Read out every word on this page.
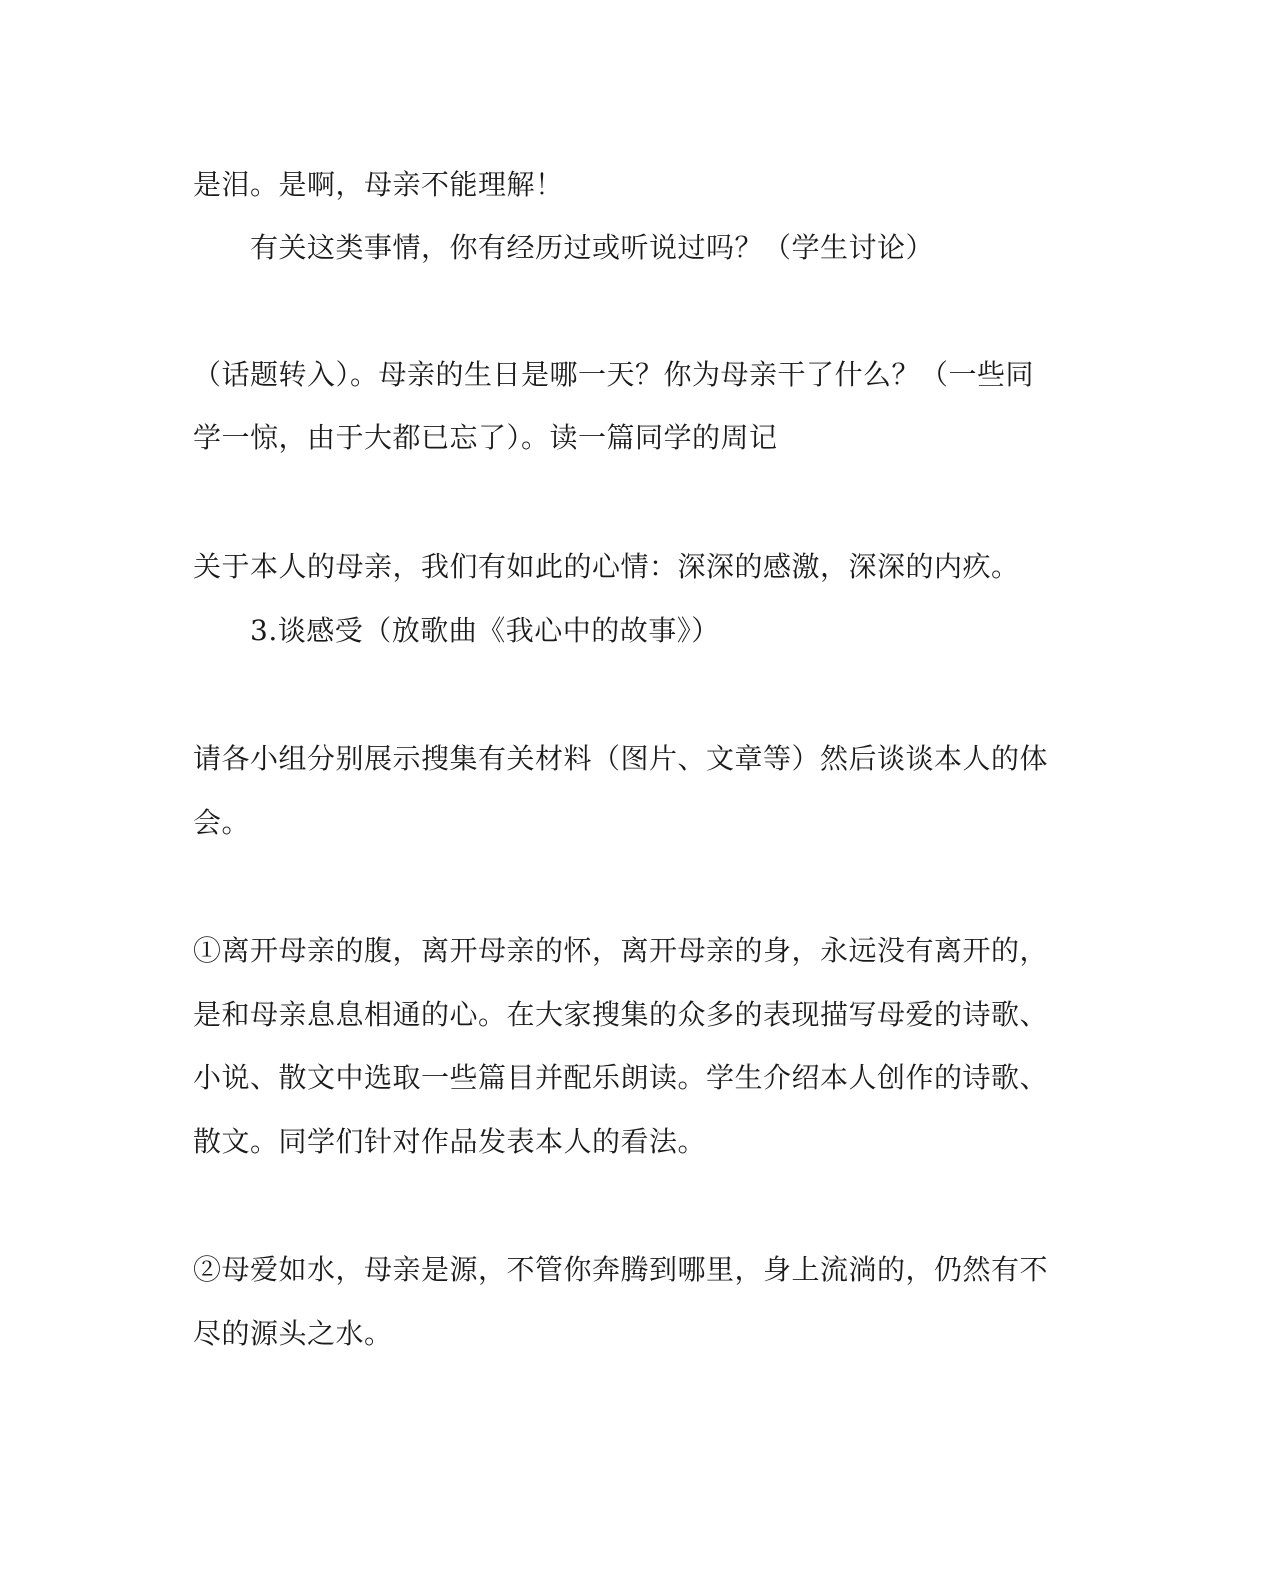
是泪。是啊，母亲不能理解！
有关这类事情，你有经历过或听说过吗？（学生讨论）
（话题转入）。母亲的生日是哪一天？你为母亲干了什么？（一些同
学一惊，由于大都已忘了）。读一篇同学的周记
关于本人的母亲，我们有如此的心情：深深的感激，深深的内疚。
3.谈感受（放歌曲《我心中的故事》）
请各小组分别展示搜集有关材料（图片、文章等）然后谈谈本人的体
会。
①离开母亲的腹，离开母亲的怀，离开母亲的身，永远没有离开的，
是和母亲息息相通的心。在大家搜集的众多的表现描写母爱的诗歌、
小说、散文中选取一些篇目并配乐朗读。学生介绍本人创作的诗歌、
散文。同学们针对作品发表本人的看法。
②母爱如水，母亲是源，不管你奔腾到哪里，身上流淌的，仍然有不
尽的源头之水。
